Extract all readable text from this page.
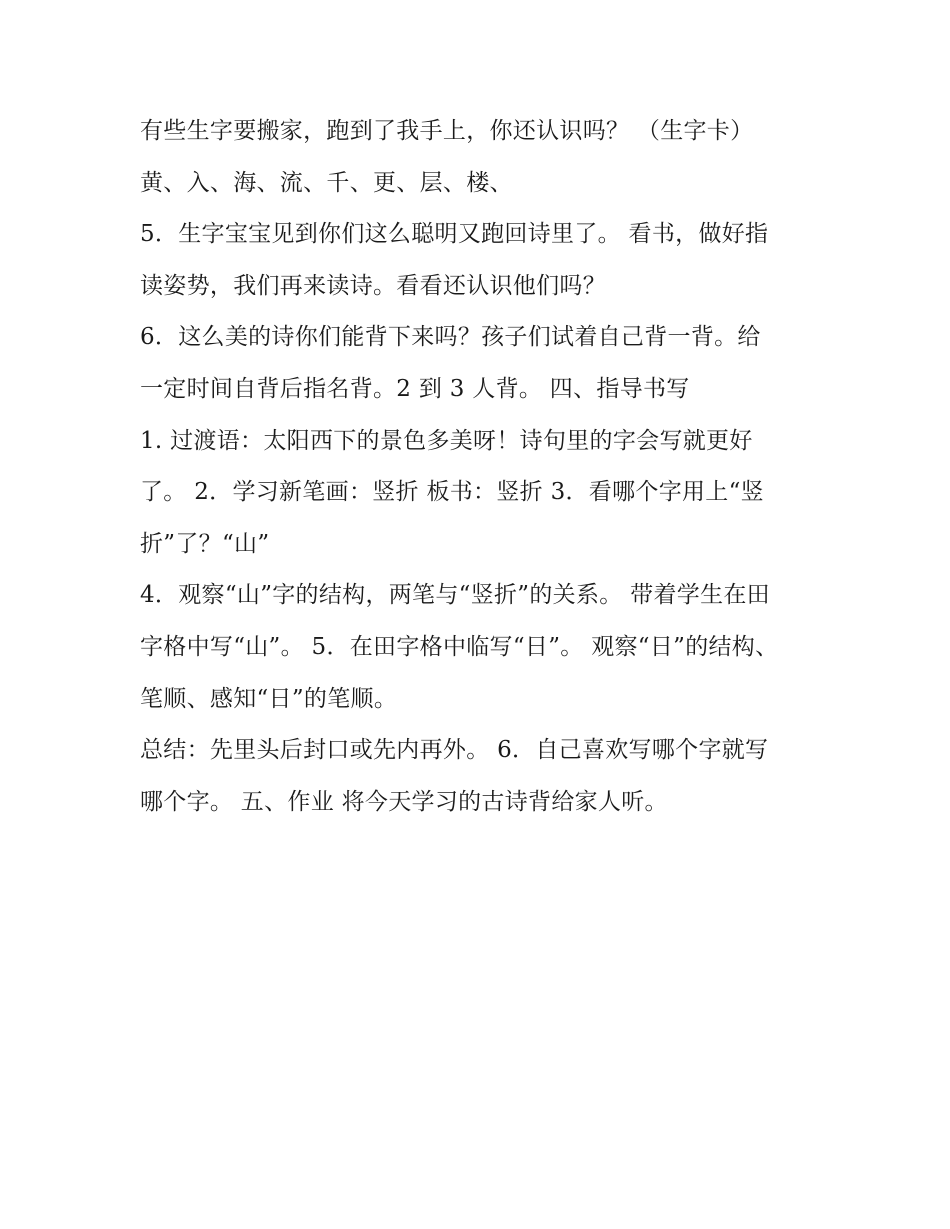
有些生字要搬家，跑到了我手上，你还认识吗？ （生字卡）
黄、入、海、流、千、更、层、楼、
5．生字宝宝见到你们这么聪明又跑回诗里了。 看书，做好指
读姿势，我们再来读诗。看看还认识他们吗？
6．这么美的诗你们能背下来吗？孩子们试着自己背一背。给
一定时间自背后指名背。2 到 3 人背。 四、指导书写
1. 过渡语：太阳西下的景色多美呀！诗句里的字会写就更好
了。 2．学习新笔画：竖折 板书：竖折 3．看哪个字用上“竖
折”了？“山”
4．观察“山”字的结构，两笔与“竖折”的关系。 带着学生在田
字格中写“山”。 5．在田字格中临写“日”。 观察“日”的结构、
笔顺、感知“日”的笔顺。
总结：先里头后封口或先内再外。 6．自己喜欢写哪个字就写
哪个字。 五、作业 将今天学习的古诗背给家人听。
